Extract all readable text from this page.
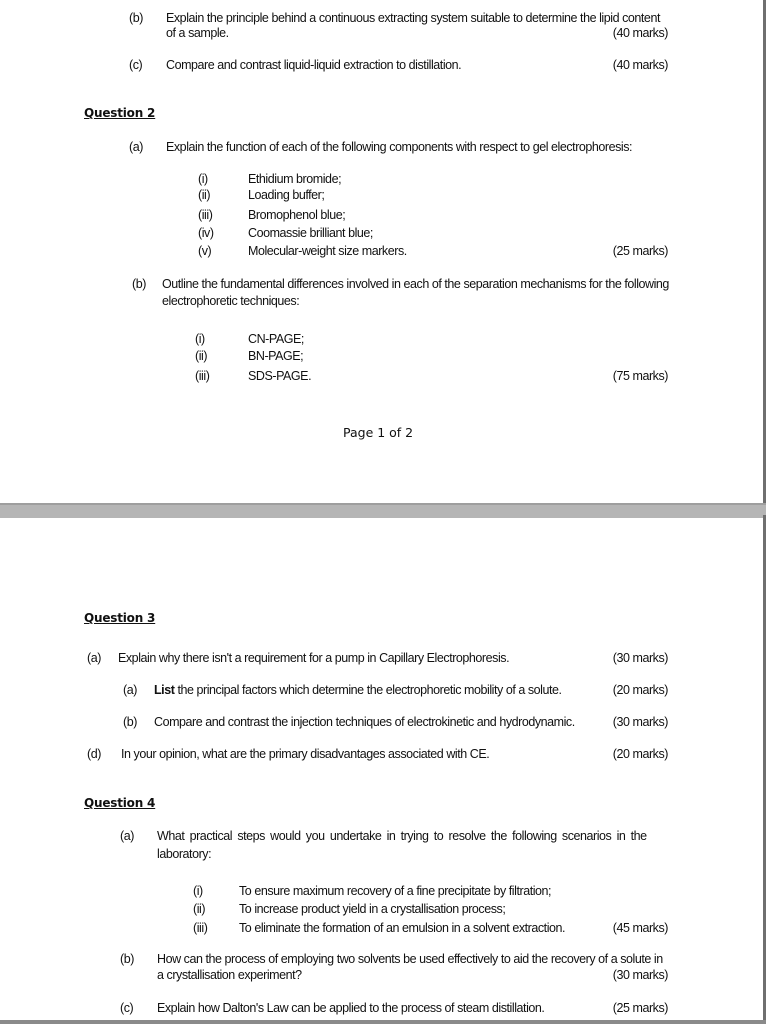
(b) Explain the principle behind a continuous extracting system suitable to determine the lipid content
of a sample.	(40 marks)
(c) Compare and contrast liquid-liquid extraction to distillation.	(40 marks)
Question 2
(a) Explain the function of each of the following components with respect to gel electrophoresis:
(i)	Ethidium bromide;
(ii)	Loading buffer;
(iii)	Bromophenol blue;
(iv)	Coomassie brilliant blue;
(v)	Molecular-weight size markers.	(25 marks)
(b) Outline the fundamental differences involved in each of the separation mechanisms for the following
electrophoretic techniques:
(i)	CN-PAGE;
(ii)	BN-PAGE;
(iii)	SDS-PAGE.	(75 marks)
Page 1 of 2
Question 3
(a) Explain why there isn't a requirement for a pump in Capillary Electrophoresis.	(30 marks)
(a) List the principal factors which determine the electrophoretic mobility of a solute.	(20 marks)
(b) Compare and contrast the injection techniques of electrokinetic and hydrodynamic.	(30 marks)
(d) In your opinion, what are the primary disadvantages associated with CE.	(20 marks)
Question 4
(a) What practical steps would you undertake in trying to resolve the following scenarios in the
laboratory:
(i)	To ensure maximum recovery of a fine precipitate by filtration;
(ii)	To increase product yield in a crystallisation process;
(iii)	To eliminate the formation of an emulsion in a solvent extraction.	(45 marks)
(b) How can the process of employing two solvents be used effectively to aid the recovery of a solute in
a crystallisation experiment?	(30 marks)
(c) Explain how Dalton's Law can be applied to the process of steam distillation.	(25 marks)
